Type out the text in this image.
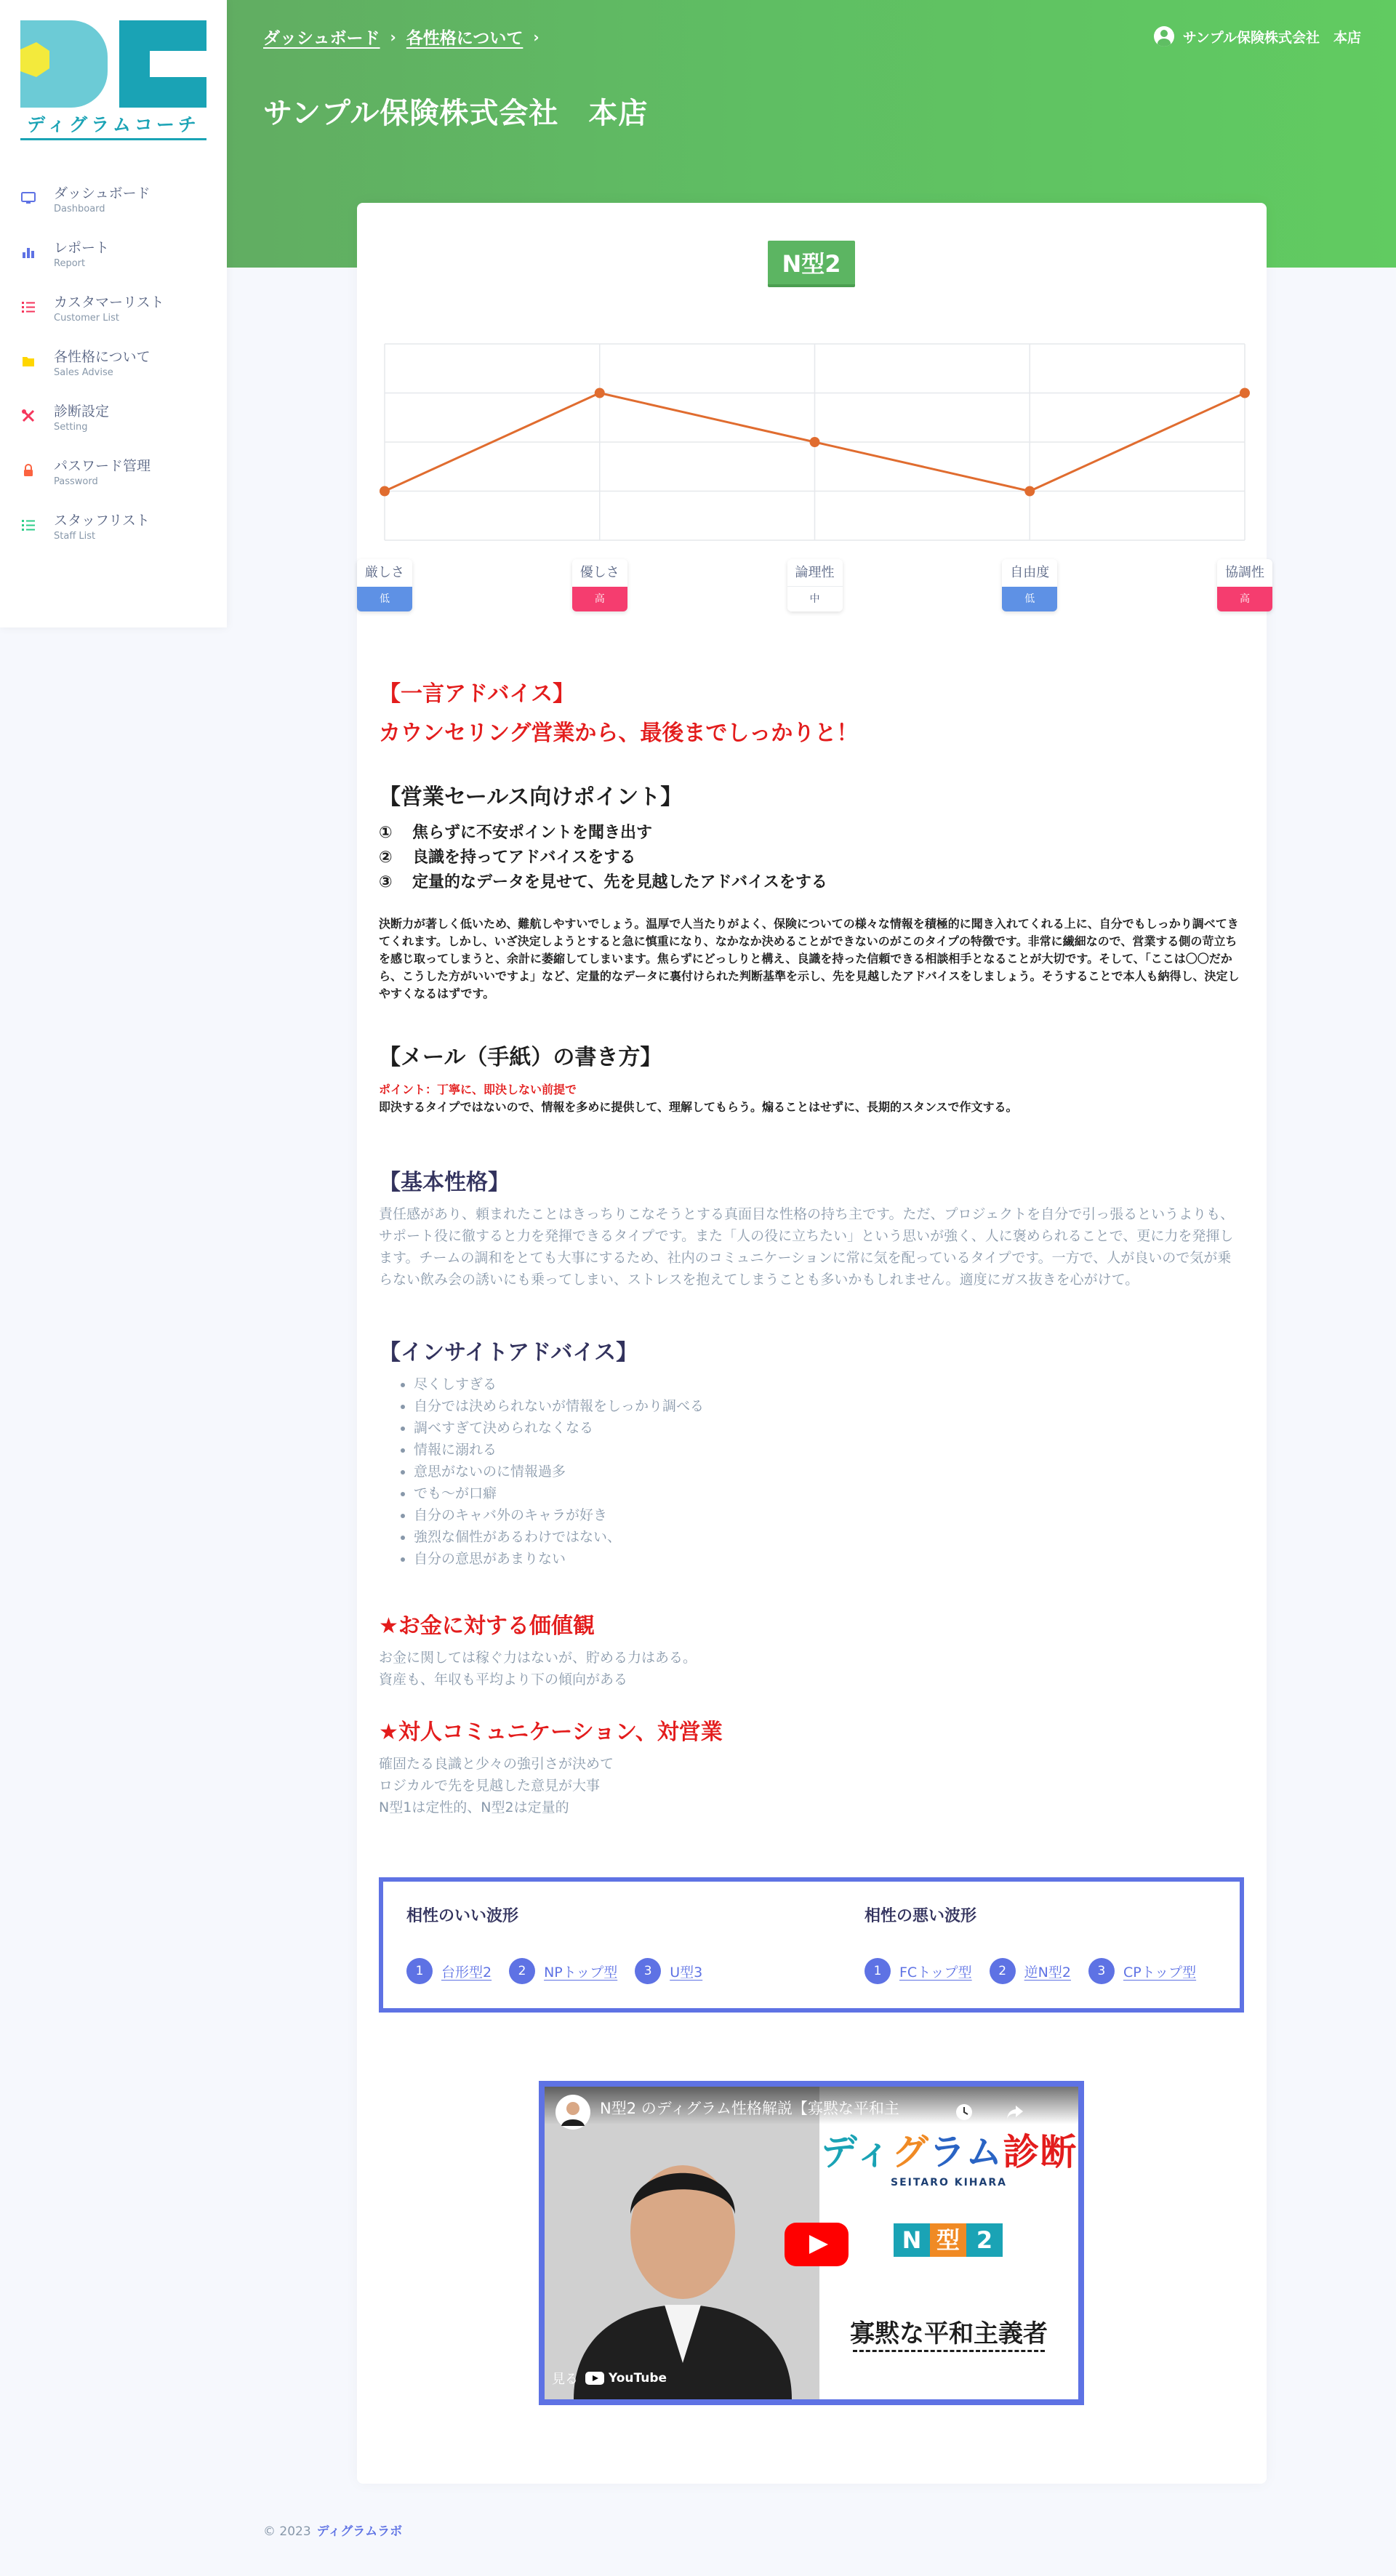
ダッシュボード › 各性格について ›
サンプル保険株式会社　本店
サンプル保険株式会社　本店
ディグラムコーチ
ダッシュボード
Dashboard
レポート
Report
カスタマーリスト
Customer List
各性格について
Sales Advise
診断設定
Setting
パスワード管理
Password
スタッフリスト
Staff List
N型2
厳しさ
低
優しさ
高
論理性
中
自由度
低
協調性
高
【一言アドバイス】
カウンセリング営業から、最後までしっかりと！
【営業セールス向けポイント】
① 焦らずに不安ポイントを聞き出す
② 良識を持ってアドバイスをする
③ 定量的なデータを見せて、先を見越したアドバイスをする

決断力が著しく低いため、難航しやすいでしょう。温厚で人当たりがよく、保険についての様々な情報を積極的に聞き入れてくれる上に、自分でもしっかり調べてきてくれます。しかし、いざ決定しようとすると急に慎重になり、なかなか決めることができないのがこのタイプの特徴です。非常に繊細なので、営業する側の苛立ちを感じ取ってしまうと、余計に萎縮してしまいます。焦らずにどっしりと構え、良識を持った信頼できる相談相手となることが大切です。そして、「ここは〇〇だから、こうした方がいいですよ」など、定量的なデータに裏付けられた判断基準を示し、先を見越したアドバイスをしましょう。そうすることで本人も納得し、決定しやすくなるはずです。

【メール（手紙）の書き方】

ポイント：丁寧に、即決しない前提で

即決するタイプではないので、情報を多めに提供して、理解してもらう。煽ることはせずに、長期的スタンスで作文する。

【基本性格】

責任感があり、頼まれたことはきっちりこなそうとする真面目な性格の持ち主です。ただ、プロジェクトを自分で引っ張るというよりも、サポート役に徹すると力を発揮できるタイプです。また「人の役に立ちたい」という思いが強く、人に褒められることで、更に力を発揮します。チームの調和をとても大事にするため、社内のコミュニケーションに常に気を配っているタイプです。一方で、人が良いので気が乗らない飲み会の誘いにも乗ってしまい、ストレスを抱えてしまうことも多いかもしれません。適度にガス抜きを心がけて。

【インサイトアドバイス】
• 尽くしすぎる
• 自分では決められないが情報をしっかり調べる
• 調べすぎて決められなくなる
• 情報に溺れる
• 意思がないのに情報過多
• でも〜が口癖
• 自分のキャバ外のキャラが好き
• 強烈な個性があるわけではない、
• 自分の意思があまりない
★お金に対する価値観

お金に関しては稼ぐ力はないが、貯める力はある。

資産も、年収も平均より下の傾向がある

★対人コミュニケーション、対営業

確固たる良識と少々の強引さが決めて

ロジカルで先を見越した意見が大事

N型1は定性的、N型2は定量的

相性のいい波形
1	台形型2	2	NPトップ型	3	U型3
相性の悪い波形
1	FCトップ型	2	逆N型2	3	CPトップ型
ディグラム診断
SEITARO KIHARA
N 型 2
寡黙な平和主義者
N型2 のディグラム性格解説【寡黙な平和主
見る YouTube
© 2023 ディグラムラボ
